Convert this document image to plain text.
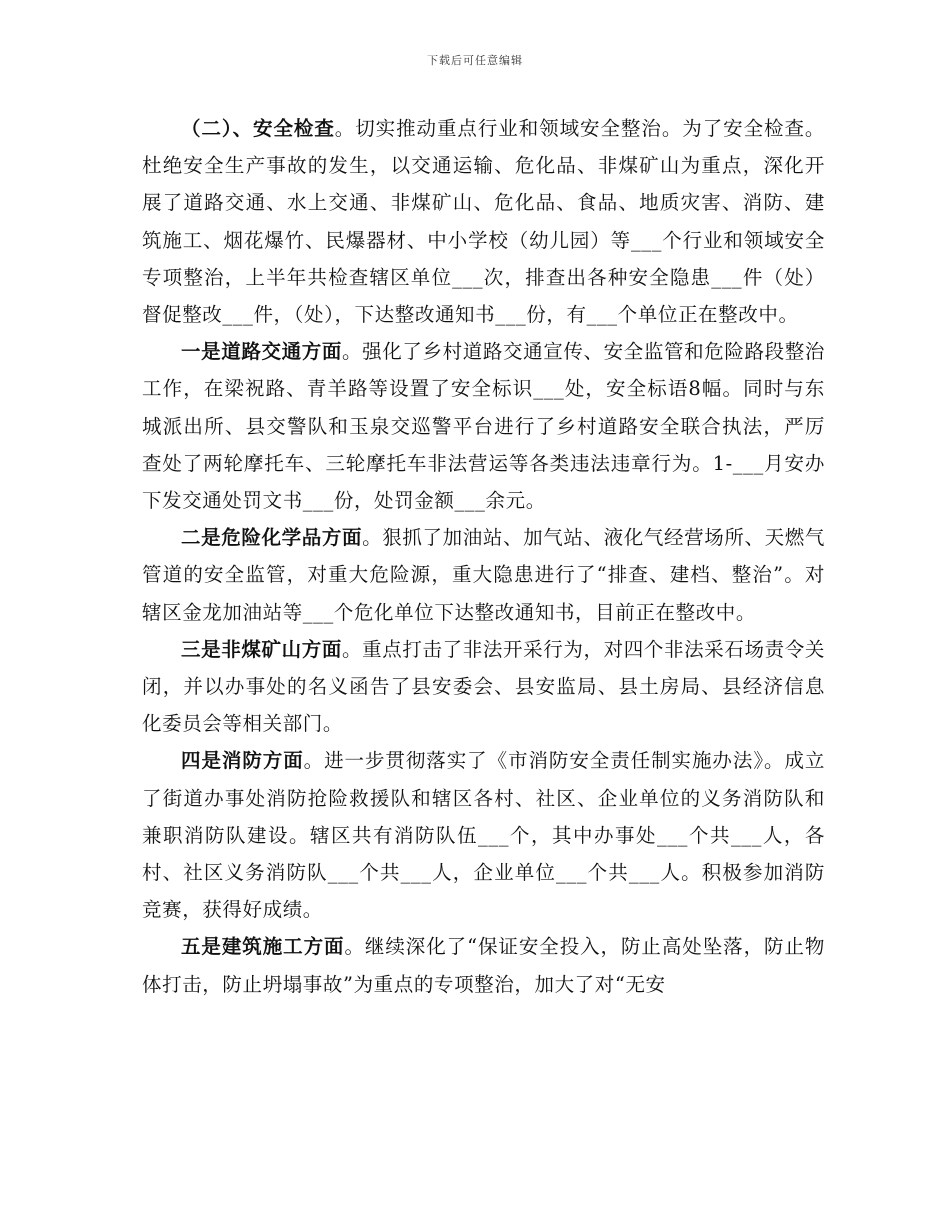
下载后可任意编辑

（二）、安全检查。切实推动重点行业和领域安全整治。为了安全检查。杜绝安全生产事故的发生，以交通运输、危化品、非煤矿山为重点，深化开展了道路交通、水上交通、非煤矿山、危化品、食品、地质灾害、消防、建筑施工、烟花爆竹、民爆器材、中小学校（幼儿园）等___个行业和领域安全专项整治，上半年共检查辖区单位___次，排查出各种安全隐患___件（处）督促整改___件，（处），下达整改通知书___份，有___个单位正在整改中。

一是道路交通方面。强化了乡村道路交通宣传、安全监管和危险路段整治工作，在梁祝路、青羊路等设置了安全标识___处，安全标语8幅。同时与东城派出所、县交警队和玉泉交巡警平台进行了乡村道路安全联合执法，严厉查处了两轮摩托车、三轮摩托车非法营运等各类违法违章行为。1-___月安办下发交通处罚文书___份，处罚金额___余元。

二是危险化学品方面。狠抓了加油站、加气站、液化气经营场所、天燃气管道的安全监管，对重大危险源，重大隐患进行了“排查、建档、整治”。对辖区金龙加油站等___个危化单位下达整改通知书，目前正在整改中。

三是非煤矿山方面。重点打击了非法开采行为，对四个非法采石场责令关闭，并以办事处的名义函告了县安委会、县安监局、县土房局、县经济信息化委员会等相关部门。

四是消防方面。进一步贯彻落实了《市消防安全责任制实施办法》。成立了街道办事处消防抢险救援队和辖区各村、社区、企业单位的义务消防队和兼职消防队建设。辖区共有消防队伍___个，其中办事处___个共___人，各村、社区义务消防队___个共___人，企业单位___个共___人。积极参加消防竞赛，获得好成绩。

五是建筑施工方面。继续深化了“保证安全投入，防止高处坠落，防止物体打击，防止坍塌事故”为重点的专项整治，加大了对“无安
